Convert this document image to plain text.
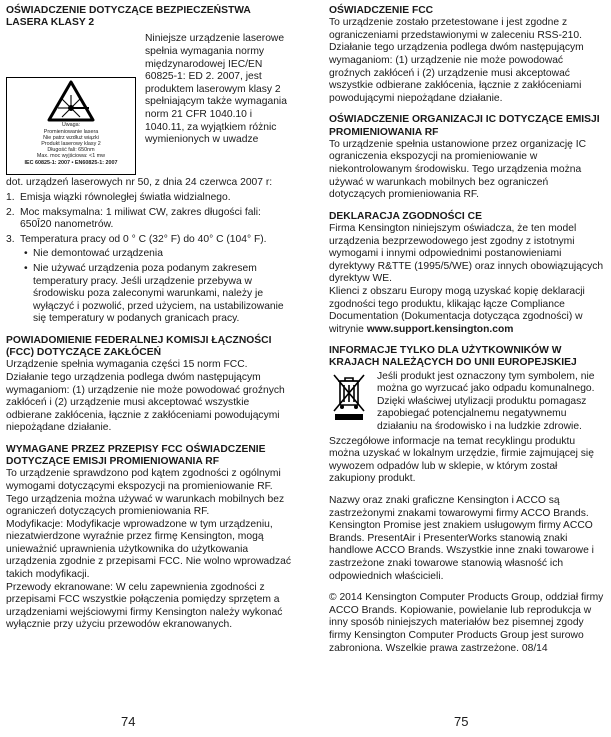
OŚWIADCZENIE DOTYCZĄCE BEZPIECZEŃSTWA LASERA KLASY 2
Uwaga:
Promieniowanie lasera
Nie patrz wzdłuż wiązki
Produkt laserowy klasy 2
Długość fali: 650nm
Max. moc wyjściowa: <1 mw
IEC 60825-1: 2007 • EN60825-1: 2007

Niniejsze urządzenie laserowe spełnia wymagania normy międzynarodowej IEC/EN 60825-1: ED 2. 2007, jest produktem laserowym klasy 2 spełniającym także wymagania norm 21 CFR 1040.10 i 1040.11, za wyjątkiem różnic wymienionych w uwadze

dot. urządzeń laserowych nr 50, z dnia 24 czerwca 2007 r:

1. Emisja wiązki równoległej światła widzialnego.
2. Moc maksymalna: 1 miliwat CW, zakres długości fali: 650Ī20 nanometrów.
3. Temperatura pracy od 0 ° C (32° F) do 40° C (104° F).
• Nie demontować urządzenia
• Nie używać urządzenia poza podanym zakresem temperatury pracy. Jeśli urządzenie przebywa w środowisku poza zaleconymi warunkami, należy je wyłączyć i pozwolić, przed użyciem, na ustabilizowanie się temperatury w podanych granicach pracy.
POWIADOMIENIE FEDERALNEJ KOMISJI ŁĄCZNOŚCI (FCC) DOTYCZĄCE ZAKŁÓCEŃ

Urządzenie spełnia wymagania części 15 norm FCC. Działanie tego urządzenia podlega dwóm następującym wymaganiom: (1) urządzenie nie może powodować groźnych zakłóceń i (2) urządzenie musi akceptować wszystkie odbierane zakłócenia, łącznie z zakłóceniami powodującymi niepożądane działanie.

WYMAGANE PRZEZ PRZEPISY FCC OŚWIADCZENIE DOTYCZĄCE EMISJI PROMIENIOWANIA RF

To urządzenie sprawdzono pod kątem zgodności z ogólnymi wymogami dotyczącymi ekspozycji na promieniowanie RF. Tego urządzenia można używać w warunkach mobilnych bez ograniczeń dotyczących promieniowania RF.

Modyfikacje: Modyfikacje wprowadzone w tym urządzeniu, niezatwierdzone wyraźnie przez firmę Kensington, mogą unieważnić uprawnienia użytkownika do użytkowania urządzenia zgodnie z przepisami FCC. Nie wolno wprowadzać takich modyfikacji.

Przewody ekranowane: W celu zapewnienia zgodności z przepisami FCC wszystkie połączenia pomiędzy sprzętem a urządzeniami wejściowymi firmy Kensington należy wykonać wyłącznie przy użyciu przewodów ekranowanych.

74
OŚWIADCZENIE FCC

To urządzenie zostało przetestowane i jest zgodne z ograniczeniami przedstawionymi w zaleceniu RSS-210. Działanie tego urządzenia podlega dwóm następującym wymaganiom: (1) urządzenie nie może powodować groźnych zakłóceń i (2) urządzenie musi akceptować wszystkie odbierane zakłócenia, łącznie z zakłóceniami powodującymi niepożądane działanie.

OŚWIADCZENIE ORGANIZACJI IC DOTYCZĄCE EMISJI PROMIENIOWANIA RF

To urządzenie spełnia ustanowione przez organizację IC ograniczenia ekspozycji na promieniowanie w niekontrolowanym środowisku. Tego urządzenia można używać w warunkach mobilnych bez ograniczeń dotyczących promieniowania RF.

DEKLARACJA ZGODNOŚCI CE

Firma Kensington niniejszym oświadcza, że ten model urządzenia bezprzewodowego jest zgodny z istotnymi wymogami i innymi odpowiednimi postanowieniami dyrektywy R&TTE (1995/5/WE) oraz innych obowiązujących dyrektyw WE.

Klienci z obszaru Europy mogą uzyskać kopię deklaracji zgodności tego produktu, klikając łącze Compliance Documentation (Dokumentacja dotycząca zgodności) w witrynie www.support.kensington.com

INFORMACJE TYLKO DLA UŻYTKOWNIKÓW W KRAJACH NALEŻĄCYCH DO UNII EUROPEJSKIEJ

Jeśli produkt jest oznaczony tym symbolem, nie można go wyrzucać jako odpadu komunalnego. Dzięki właściwej utylizacji produktu pomagasz zapobiegać potencjalnemu negatywnemu działaniu na środowisko i na ludzkie zdrowie.

Szczegółowe informacje na temat recyklingu produktu można uzyskać w lokalnym urzędzie, firmie zajmującej się wywozem odpadów lub w sklepie, w którym został zakupiony produkt.

Nazwy oraz znaki graficzne Kensington i ACCO są zastrzeżonymi znakami towarowymi firmy ACCO Brands. Kensington Promise jest znakiem usługowym firmy ACCO Brands. PresentAir i PresenterWorks stanowią znaki handlowe ACCO Brands. Wszystkie inne znaki towarowe i zastrzeżone znaki towarowe stanowią własność ich odpowiednich właścicieli.

© 2014 Kensington Computer Products Group, oddział firmy ACCO Brands. Kopiowanie, powielanie lub reprodukcja w inny sposób niniejszych materiałów bez pisemnej zgody firmy Kensington Computer Products Group jest surowo zabroniona. Wszelkie prawa zastrzeżone. 08/14

75
